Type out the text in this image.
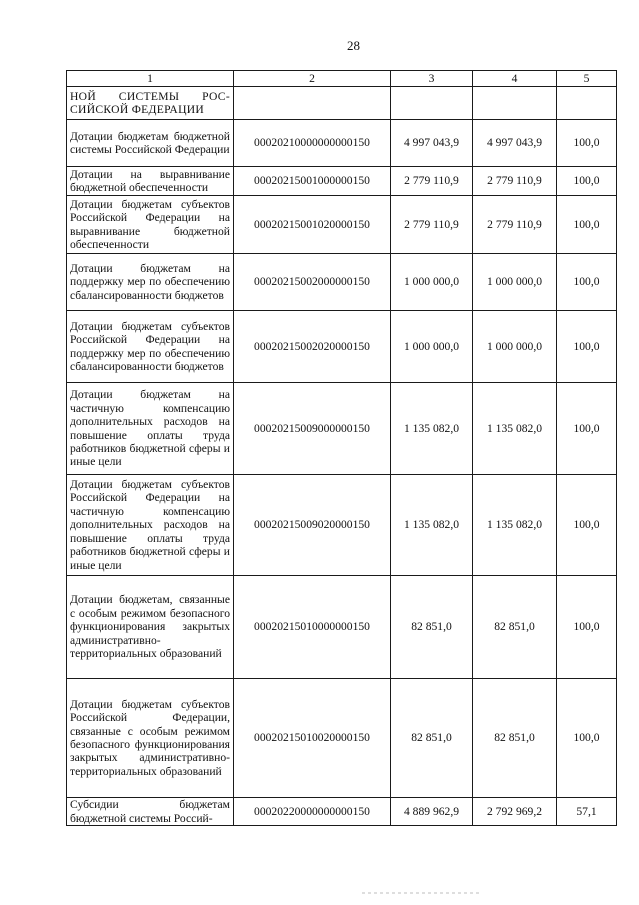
28
1	2	3	4	5
НОЙ СИСТЕМЫ РОС-СИЙСКОЙ ФЕДЕРАЦИИ				
Дотации бюджетам бюджетной системы Российской Федерации	00020210000000000150	4 997 043,9	4 997 043,9	100,0
Дотации на выравнивание бюджетной обеспеченности	00020215001000000150	2 779 110,9	2 779 110,9	100,0
Дотации бюджетам субъектов Российской Федерации на выравнивание бюджетной обеспеченности	00020215001020000150	2 779 110,9	2 779 110,9	100,0
Дотации бюджетам на поддержку мер по обеспечению сбалансированности бюджетов	00020215002000000150	1 000 000,0	1 000 000,0	100,0
Дотации бюджетам субъектов Российской Федерации на поддержку мер по обеспечению сбалансированности бюджетов	00020215002020000150	1 000 000,0	1 000 000,0	100,0
Дотации бюджетам на частичную компенсацию дополнительных расходов на повышение оплаты труда работников бюджетной сферы и иные цели	00020215009000000150	1 135 082,0	1 135 082,0	100,0
Дотации бюджетам субъектов Российской Федерации на частичную компенсацию дополнительных расходов на повышение оплаты труда работников бюджетной сферы и иные цели	00020215009020000150	1 135 082,0	1 135 082,0	100,0
Дотации бюджетам, связанные с особым режимом безопасного функционирования закрытых административно-территориальных образований	00020215010000000150	82 851,0	82 851,0	100,0
Дотации бюджетам субъектов Российской Федерации, связанные с особым режимом безопасного функционирования закрытых административно-территориальных образований	00020215010020000150	82 851,0	82 851,0	100,0
Субсидии бюджетам бюджетной системы Россий-	00020220000000000150	4 889 962,9	2 792 969,2	57,1
